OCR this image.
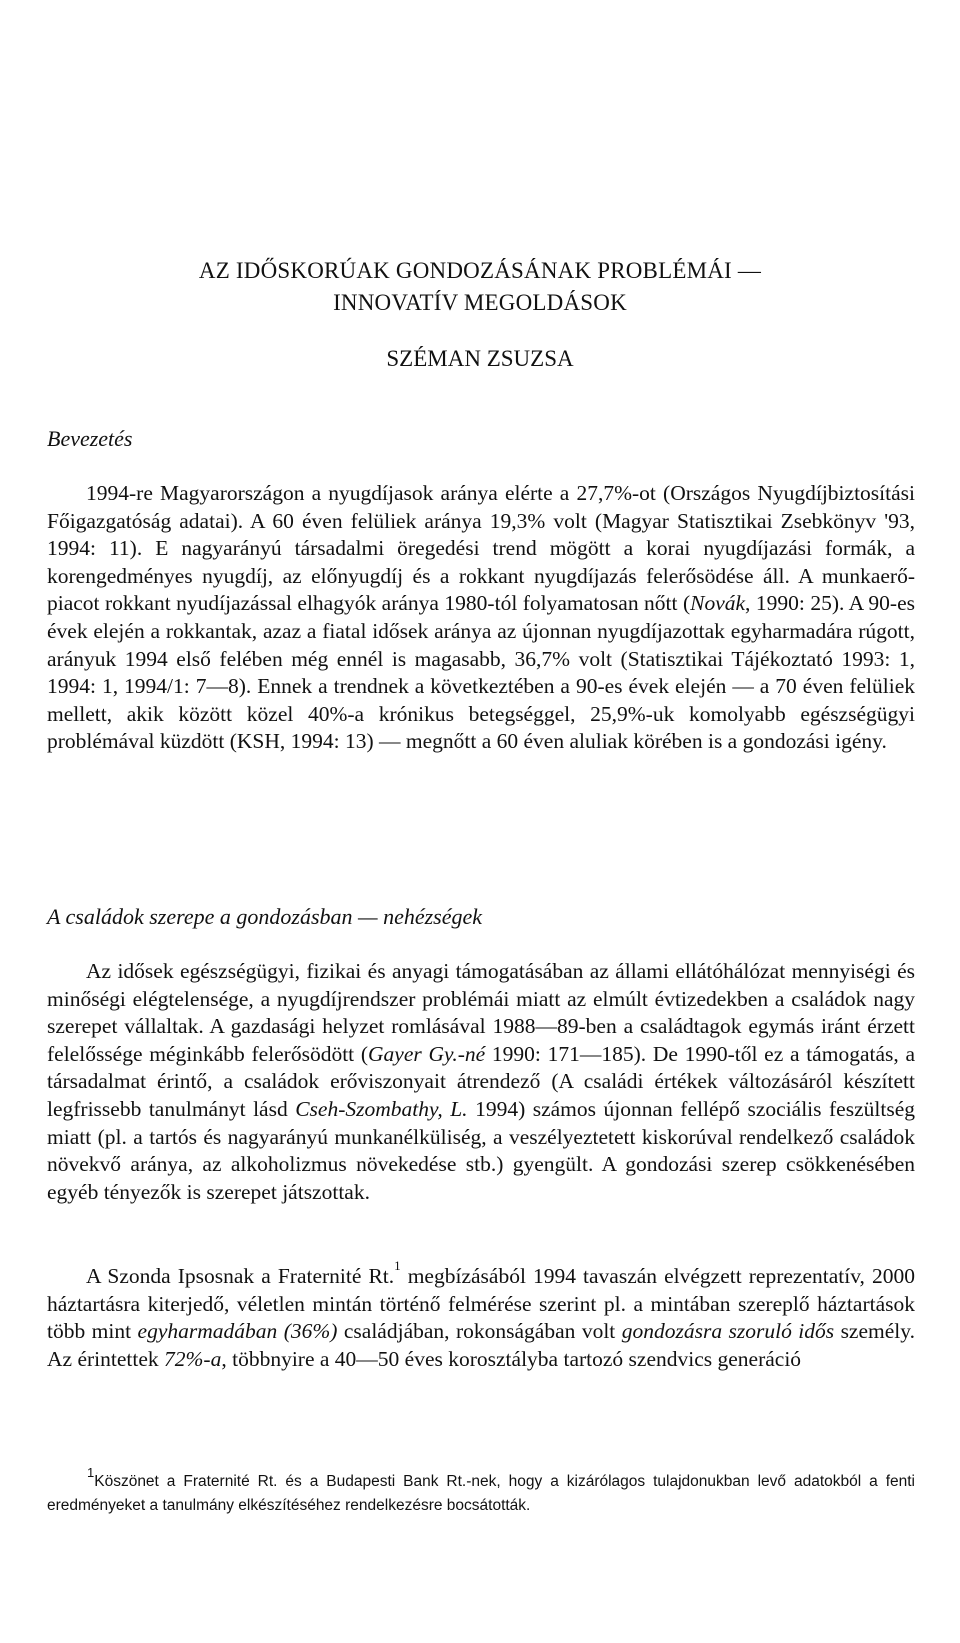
AZ IDŐSKORÚAK GONDOZÁSÁNAK PROBLÉMÁI —
INNOVATÍV MEGOLDÁSOK
SZÉMAN ZSUZSA
Bevezetés

1994-re Magyarországon a nyugdíjasok aránya elérte a 27,7%-ot (Országos Nyugdíjbiztosítási Főigazgatóság adatai). A 60 éven felüliek aránya 19,3% volt (Magyar Statisztikai Zsebkönyv '93, 1994: 11). E nagyarányú társadalmi öregedési trend mögött a korai nyugdíjazási formák, a korengedményes nyugdíj, az előnyugdíj és a rokkant nyugdíjazás felerősödése áll. A munkaerő-piacot rokkant nyudíjazással elhagyók aránya 1980-tól folyamatosan nőtt (Novák, 1990: 25). A 90-es évek elején a rokkantak, azaz a fiatal idősek aránya az újonnan nyugdíjazottak egyharmadára rúgott, arányuk 1994 első felében még ennél is magasabb, 36,7% volt (Statisztikai Tájékoztató 1993: 1, 1994: 1, 1994/1: 7—8). Ennek a trendnek a következtében a 90-es évek elején — a 70 éven felüliek mellett, akik között közel 40%-a krónikus betegséggel, 25,9%-uk komolyabb egészségügyi problémával küzdött (KSH, 1994: 13) — megnőtt a 60 éven aluliak körében is a gondozási igény.

A családok szerepe a gondozásban — nehézségek

Az idősek egészségügyi, fizikai és anyagi támogatásában az állami ellátóhálózat mennyiségi és minőségi elégtelensége, a nyugdíjrendszer problémái miatt az elmúlt évtizedekben a családok nagy szerepet vállaltak. A gazdasági helyzet romlásával 1988—89-ben a családtagok egymás iránt érzett felelőssége méginkább felerősödött (Gayer Gy.-né 1990: 171—185). De 1990-től ez a támogatás, a társadalmat érintő, a családok erőviszonyait átrendező (A családi értékek változásáról készített legfrissebb tanulmányt lásd Cseh-Szombathy, L. 1994) számos újonnan fellépő szociális feszültség miatt (pl. a tartós és nagyarányú munkanélküliség, a veszélyeztetett kiskorúval rendelkező családok növekvő aránya, az alkoholizmus növekedése stb.) gyengült. A gondozási szerep csökkenésében egyéb tényezők is szerepet játszottak.

A Szonda Ipsosnak a Fraternité Rt.$^1$ megbízásából 1994 tavaszán elvégzett reprezentatív, 2000 háztartásra kiterjedő, véletlen mintán történő felmérése szerint pl. a mintában szereplő háztartások több mint egyharmadában (36%) családjában, rokonságában volt gondozásra szoruló idős személy. Az érintettek 72%-a, többnyire a 40—50 éves korosztályba tartozó szendvics generáció

$^1$Köszönet a Fraternité Rt. és a Budapesti Bank Rt.-nek, hogy a kizárólagos tulajdonukban levő adatokból a fenti eredményeket a tanulmány elkészítéséhez rendelkezésre bocsátották.
